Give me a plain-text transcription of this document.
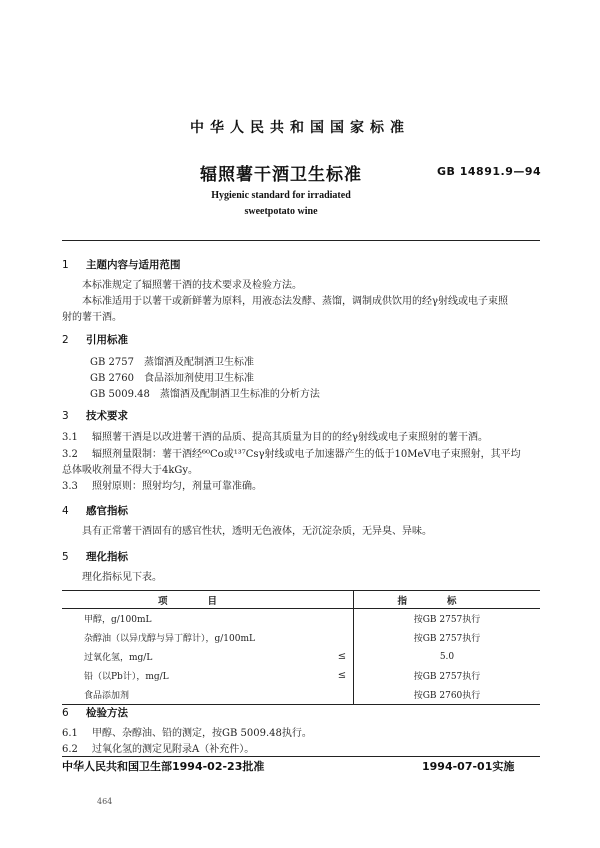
中华人民共和国国家标准
辐照薯干酒卫生标准	GB 14891.9—94
Hygienic standard for irradiated
sweetpotato wine
1 主题内容与适用范围
本标准规定了辐照薯干酒的技术要求及检验方法。
本标准适用于以薯干或新鲜薯为原料，用液态法发酵、蒸馏，调制成供饮用的经γ射线或电子束照
射的薯干酒。
2 引用标准
GB 2757 蒸馏酒及配制酒卫生标准
GB 2760 食品添加剂使用卫生标准
GB 5009.48 蒸馏酒及配制酒卫生标准的分析方法
3 技术要求
3.1 辐照薯干酒是以改进薯干酒的品质、提高其质量为目的的经γ射线或电子束照射的薯干酒。
3.2 辐照剂量限制：薯干酒经⁶⁰Co或¹³⁷Csγ射线或电子加速器产生的低于10MeV电子束照射，其平均
总体吸收剂量不得大于4kGy。
3.3 照射原则：照射均匀，剂量可靠准确。
4 感官指标
具有正常薯干酒固有的感官性状，透明无色液体，无沉淀杂质，无异臭、异味。
5 理化指标
理化指标见下表。
项目		指标
甲醇，g/100mL		按GB 2757执行
杂醇油（以异戊醇与异丁醇计），g/100mL		按GB 2757执行
过氧化氢，mg/L	≤	5.0
铅（以Pb计），mg/L	≤	按GB 2757执行
食品添加剂		按GB 2760执行
6 检验方法
6.1 甲醇、杂醇油、铅的测定，按GB 5009.48执行。
6.2 过氧化氢的测定见附录A（补充件）。
中华人民共和国卫生部1994-02-23批准	1994-07-01实施
464
